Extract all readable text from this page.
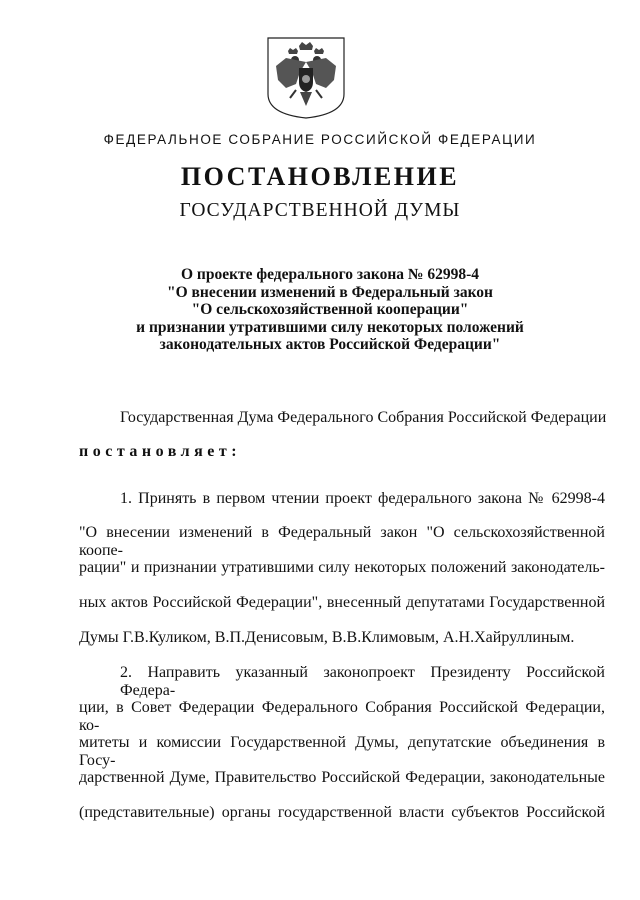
ФЕДЕРАЛЬНОЕ СОБРАНИЕ РОССИЙСКОЙ ФЕДЕРАЦИИ
ПОСТАНОВЛЕНИЕ
ГОСУДАРСТВЕННОЙ ДУМЫ
О проекте федерального закона № 62998-4
"О внесении изменений в Федеральный закон
"О сельскохозяйственной кооперации"
и признании утратившими силу некоторых положений
законодательных актов Российской Федерации"
Государственная Дума Федерального Собрания Российской Федерации
постановляет:
1. Принять в первом чтении проект федерального закона № 62998-4
"О внесении изменений в Федеральный закон "О сельскохозяйственной коопе-
рации" и признании утратившими силу некоторых положений законодатель-
ных актов Российской Федерации", внесенный депутатами Государственной
Думы Г.В.Куликом, В.П.Денисовым, В.В.Климовым, А.Н.Хайруллиным.
2. Направить указанный законопроект Президенту Российской Федера-
ции, в Совет Федерации Федерального Собрания Российской Федерации, ко-
митеты и комиссии Государственной Думы, депутатские объединения в Госу-
дарственной Думе, Правительство Российской Федерации, законодательные
(представительные) органы государственной власти субъектов Российской
